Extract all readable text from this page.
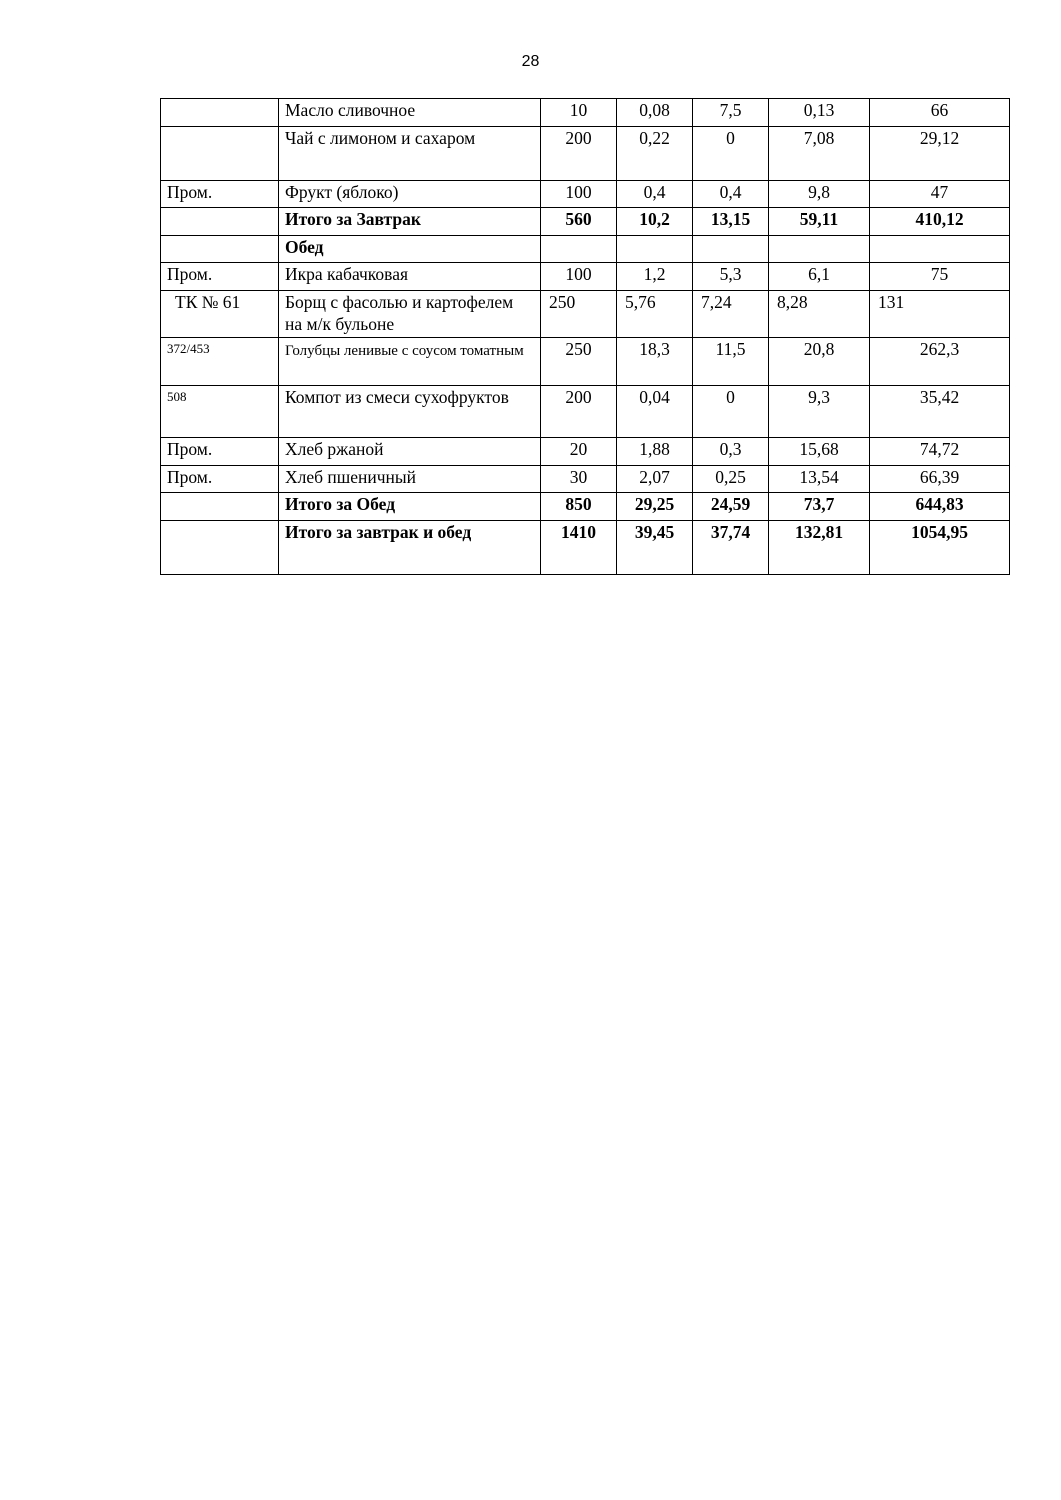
28
	Масло сливочное	10	0,08	7,5	0,13	66
	Чай с лимоном и сахаром	200	0,22	0	7,08	29,12
Пром.	Фрукт (яблоко)	100	0,4	0,4	9,8	47
	Итого за Завтрак	560	10,2	13,15	59,11	410,12
	Обед					
Пром.	Икра кабачковая	100	1,2	5,3	6,1	75
ТК № 61	Борщ с фасолью и картофелем на м/к бульоне	250	5,76	7,24	8,28	131
372/453	Голубцы ленивые с соусом томатным	250	18,3	11,5	20,8	262,3
508	Компот из смеси сухофруктов	200	0,04	0	9,3	35,42
Пром.	Хлеб ржаной	20	1,88	0,3	15,68	74,72
Пром.	Хлеб пшеничный	30	2,07	0,25	13,54	66,39
	Итого за Обед	850	29,25	24,59	73,7	644,83
	Итого за завтрак и обед	1410	39,45	37,74	132,81	1054,95
